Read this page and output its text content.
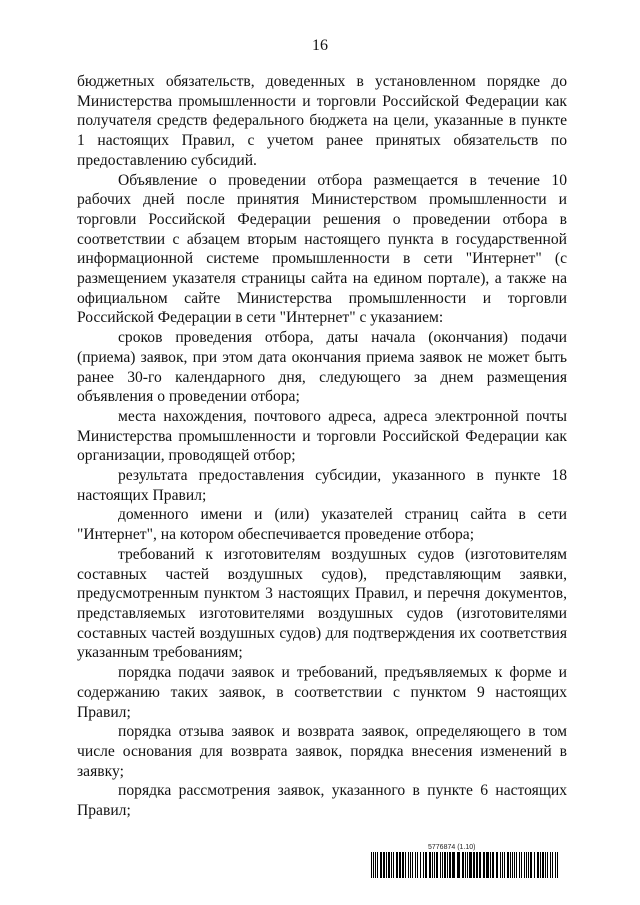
16

бюджетных обязательств, доведенных в установленном порядке до Министерства промышленности и торговли Российской Федерации как получателя средств федерального бюджета на цели, указанные в пункте 1 настоящих Правил, с учетом ранее принятых обязательств по предоставлению субсидий.

Объявление о проведении отбора размещается в течение 10 рабочих дней после принятия Министерством промышленности и торговли Российской Федерации решения о проведении отбора в соответствии с абзацем вторым настоящего пункта в государственной информационной системе промышленности в сети "Интернет" (с размещением указателя страницы сайта на едином портале), а также на официальном сайте Министерства промышленности и торговли Российской Федерации в сети "Интернет" с указанием:

сроков проведения отбора, даты начала (окончания) подачи (приема) заявок, при этом дата окончания приема заявок не может быть ранее 30-го календарного дня, следующего за днем размещения объявления о проведении отбора;

места нахождения, почтового адреса, адреса электронной почты Министерства промышленности и торговли Российской Федерации как организации, проводящей отбор;

результата предоставления субсидии, указанного в пункте 18 настоящих Правил;

доменного имени и (или) указателей страниц сайта в сети "Интернет", на котором обеспечивается проведение отбора;

требований к изготовителям воздушных судов (изготовителям составных частей воздушных судов), представляющим заявки, предусмотренным пунктом 3 настоящих Правил, и перечня документов, представляемых изготовителями воздушных судов (изготовителями составных частей воздушных судов) для подтверждения их соответствия указанным требованиям;

порядка подачи заявок и требований, предъявляемых к форме и содержанию таких заявок, в соответствии с пунктом 9 настоящих Правил;

порядка отзыва заявок и возврата заявок, определяющего в том числе основания для возврата заявок, порядка внесения изменений в заявку;

порядка рассмотрения заявок, указанного в пункте 6 настоящих Правил;

5776874 (1.10)
